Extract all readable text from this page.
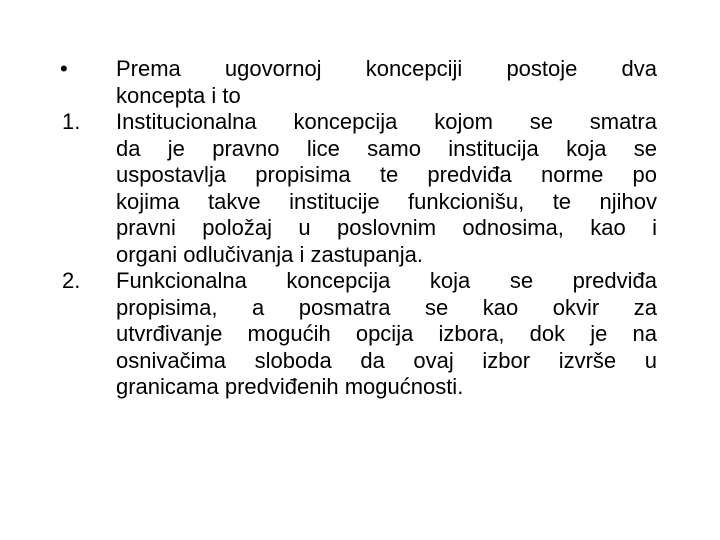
• Prema ugovornoj koncepciji postoje dva
koncepta i to
1. Institucionalna koncepcija kojom se smatra
da je pravno lice samo institucija koja se
uspostavlja propisima te predviđa norme po
kojima takve institucije funkcionišu, te njihov
pravni položaj u poslovnim odnosima, kao i
organi odlučivanja i zastupanja.
2. Funkcionalna koncepcija koja se predviđa
propisima, a posmatra se kao okvir za
utvrđivanje mogućih opcija izbora, dok je na
osnivačima sloboda da ovaj izbor izvrše u
granicama predviđenih mogućnosti.
